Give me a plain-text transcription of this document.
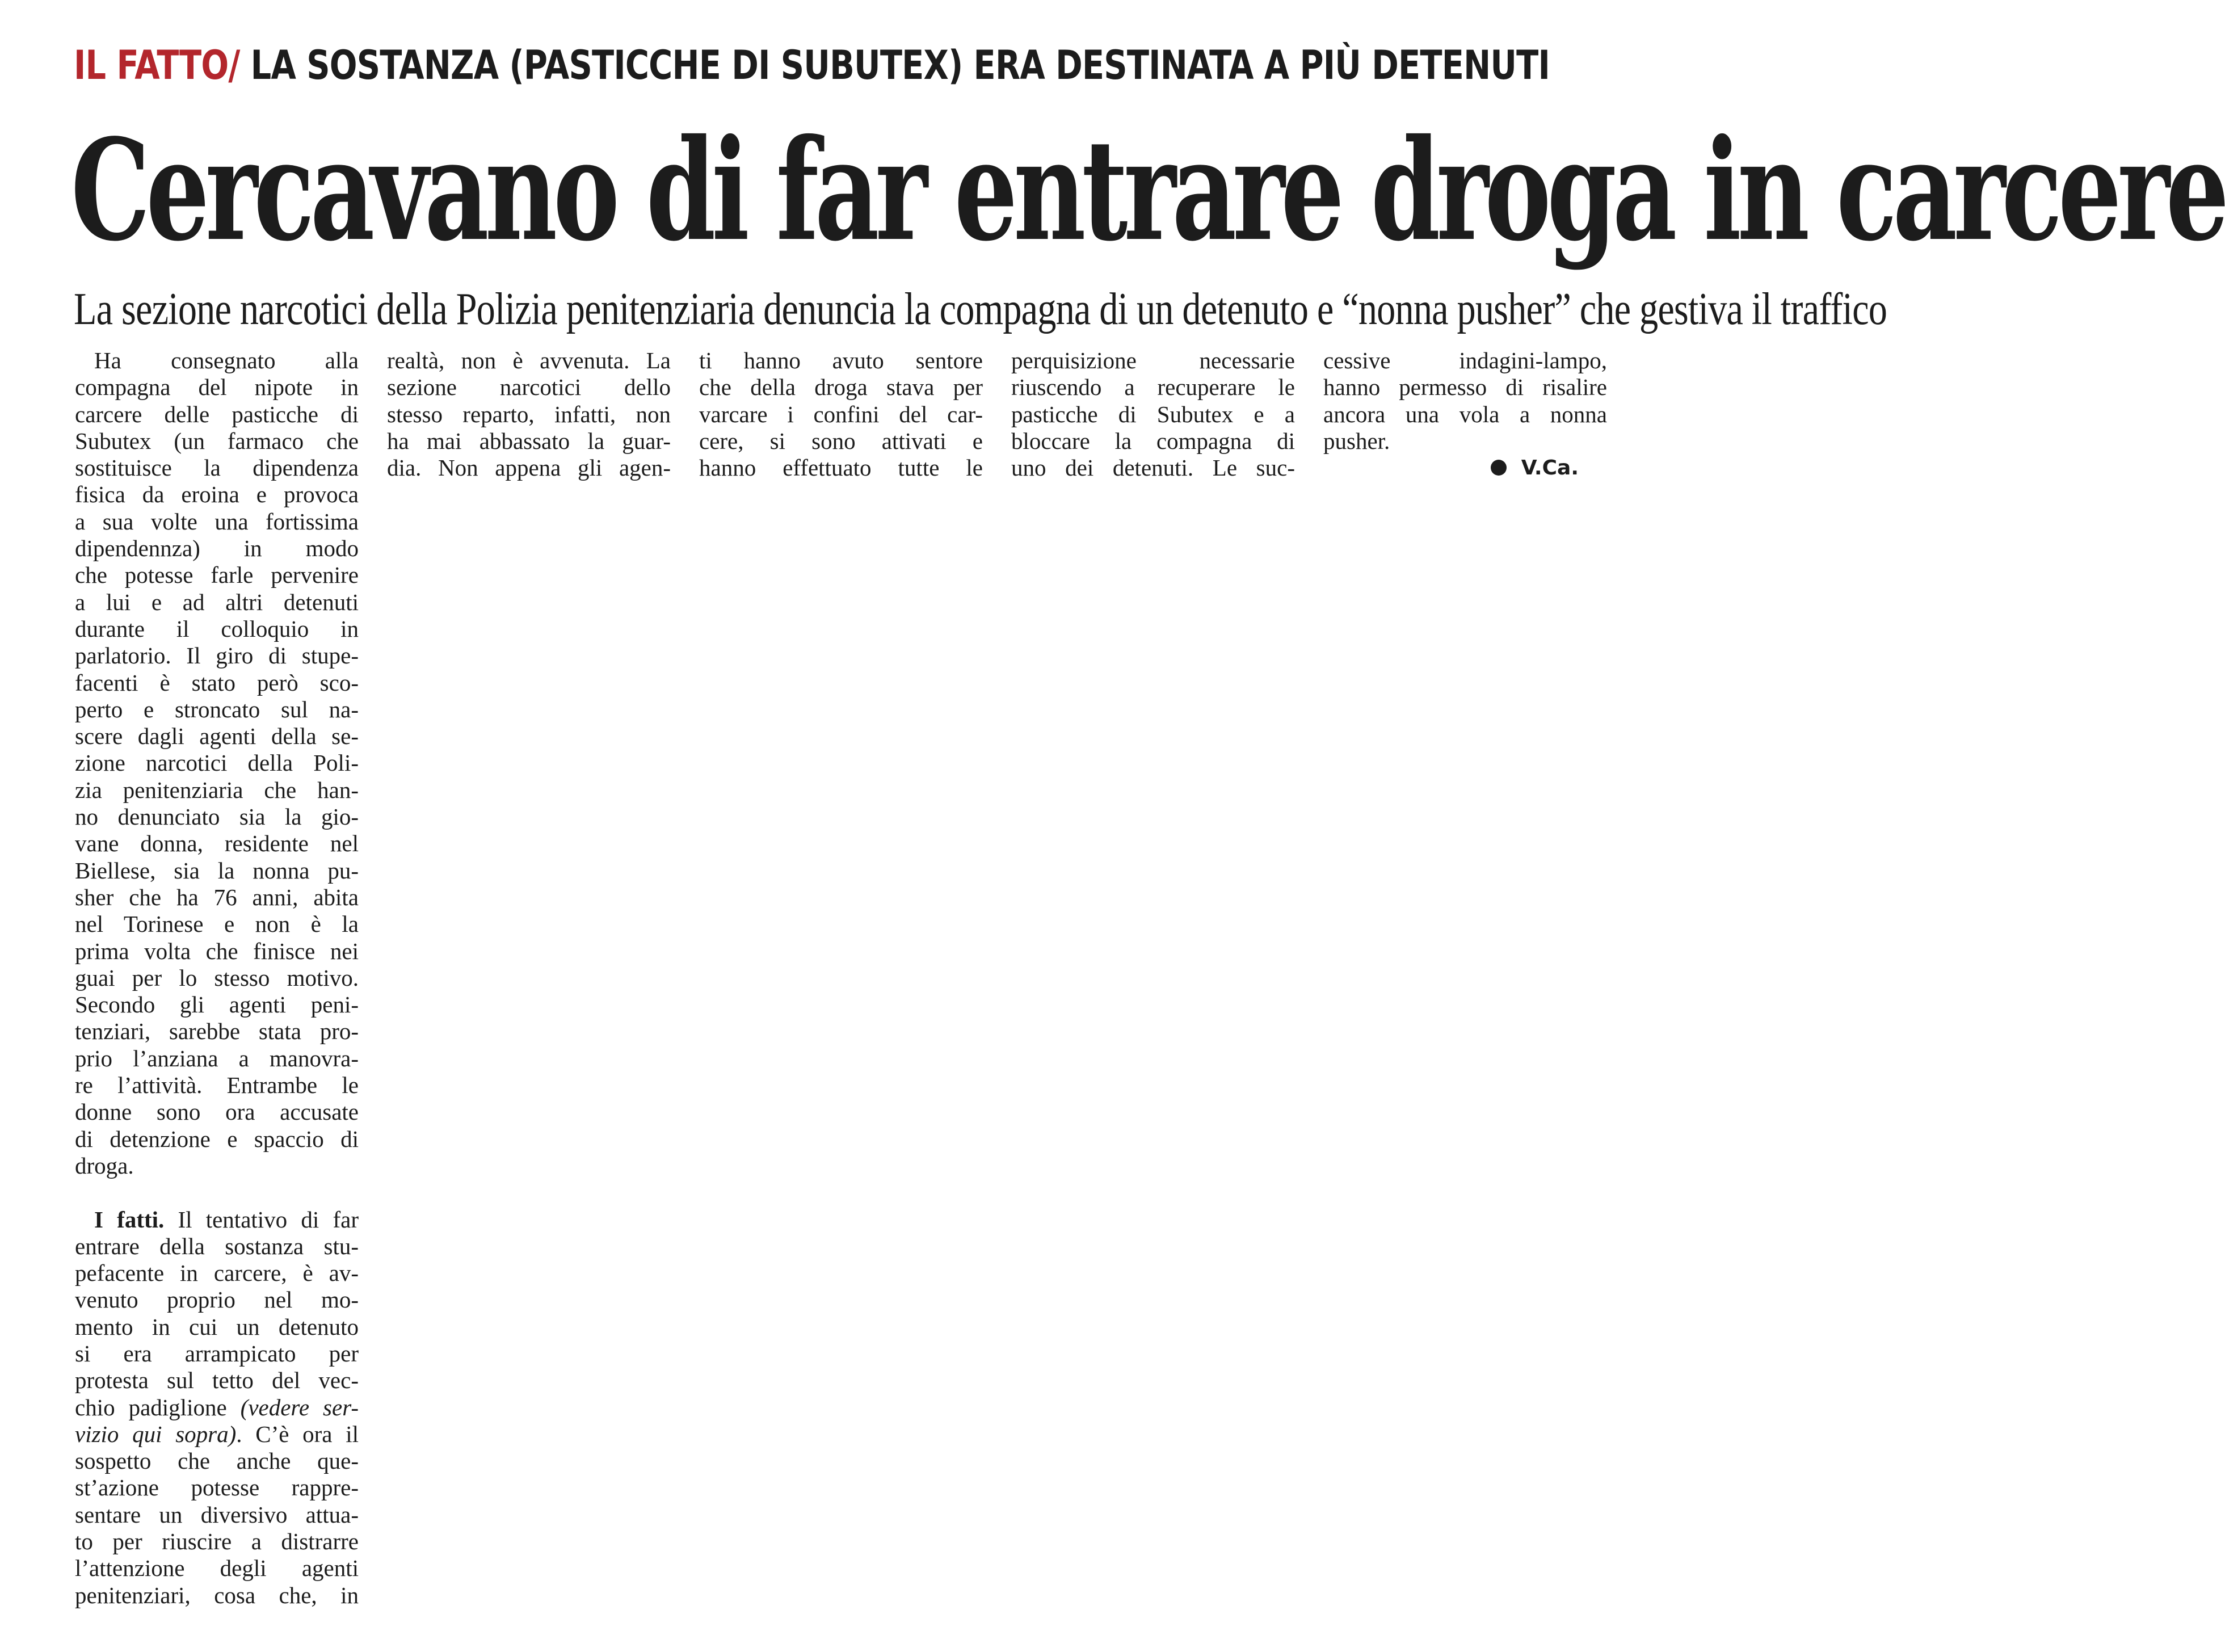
IL FATTO/ LA SOSTANZA (PASTICCHE DI SUBUTEX) ERA DESTINATA A PIÙ DETENUTI
Cercavano di far entrare droga in carcere
La sezione narcotici della Polizia penitenziaria denuncia la compagna di un detenuto e “nonna pusher” che gestiva il traffico
Ha consegnato alla
compagna del nipote in
carcere delle pasticche di
Subutex (un farmaco che
sostituisce la dipendenza
fisica da eroina e provoca
a sua volte una fortissima
dipendennza) in modo
che potesse farle pervenire
a lui e ad altri detenuti
durante il colloquio in
parlatorio. Il giro di stupe-
facenti è stato però sco-
perto e stroncato sul na-
scere dagli agenti della se-
zione narcotici della Poli-
zia penitenziaria che han-
no denunciato sia la gio-
vane donna, residente nel
Biellese, sia la nonna pu-
sher che ha 76 anni, abita
nel Torinese e non è la
prima volta che finisce nei
guai per lo stesso motivo.
Secondo gli agenti peni-
tenziari, sarebbe stata pro-
prio l’anziana a manovra-
re l’attività. Entrambe le
donne sono ora accusate
di detenzione e spaccio di
droga.
I fatti. Il tentativo di far
entrare della sostanza stu-
pefacente in carcere, è av-
venuto proprio nel mo-
mento in cui un detenuto
si era arrampicato per
protesta sul tetto del vec-
chio padiglione (vedere ser-
vizio qui sopra). C’è ora il
sospetto che anche que-
st’azione potesse rappre-
sentare un diversivo attua-
to per riuscire a distrarre
l’attenzione degli agenti
penitenziari, cosa che, in
realtà, non è avvenuta. La
sezione narcotici dello
stesso reparto, infatti, non
ha mai abbassato la guar-
dia. Non appena gli agen-
ti hanno avuto sentore
che della droga stava per
varcare i confini del car-
cere, si sono attivati e
hanno effettuato tutte le
perquisizione necessarie
riuscendo a recuperare le
pasticche di Subutex e a
bloccare la compagna di
uno dei detenuti. Le suc-
cessive indagini-lampo,
hanno permesso di risalire
ancora una vola a nonna
pusher.
V.Ca.
